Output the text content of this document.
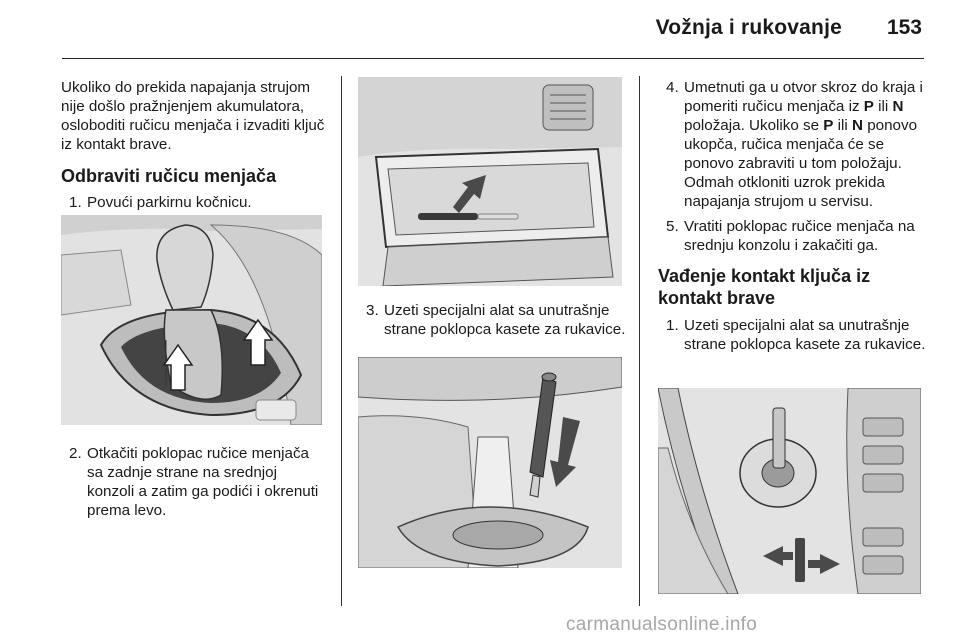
Vožnja i rukovanje 153

Ukoliko do prekida napajanja strujom nije došlo pražnjenjem akumulatora, osloboditi ručicu menjača i izvaditi ključ iz kontakt brave.

Odbraviti ručicu menjača
1. Povući parkirnu kočnicu.
2. Otkačiti poklopac ručice menjača sa zadnje strane na srednjoj konzoli a zatim ga podići i okrenuti prema levo.
3. Uzeti specijalni alat sa unutrašnje strane poklopca kasete za rukavice.
4. Umetnuti ga u otvor skroz do kraja i pomeriti ručicu menjača iz P ili N položaja. Ukoliko se P ili N ponovo ukopča, ručica menjača će se ponovo zabraviti u tom položaju. Odmah otkloniti uzrok prekida napajanja strujom u servisu.
5. Vratiti poklopac ručice menjača na srednju konzolu i zakačiti ga.
Vađenje kontakt ključa iz kontakt brave
1. Uzeti specijalni alat sa unutrašnje strane poklopca kasete za rukavice.
carmanualsonline.info
